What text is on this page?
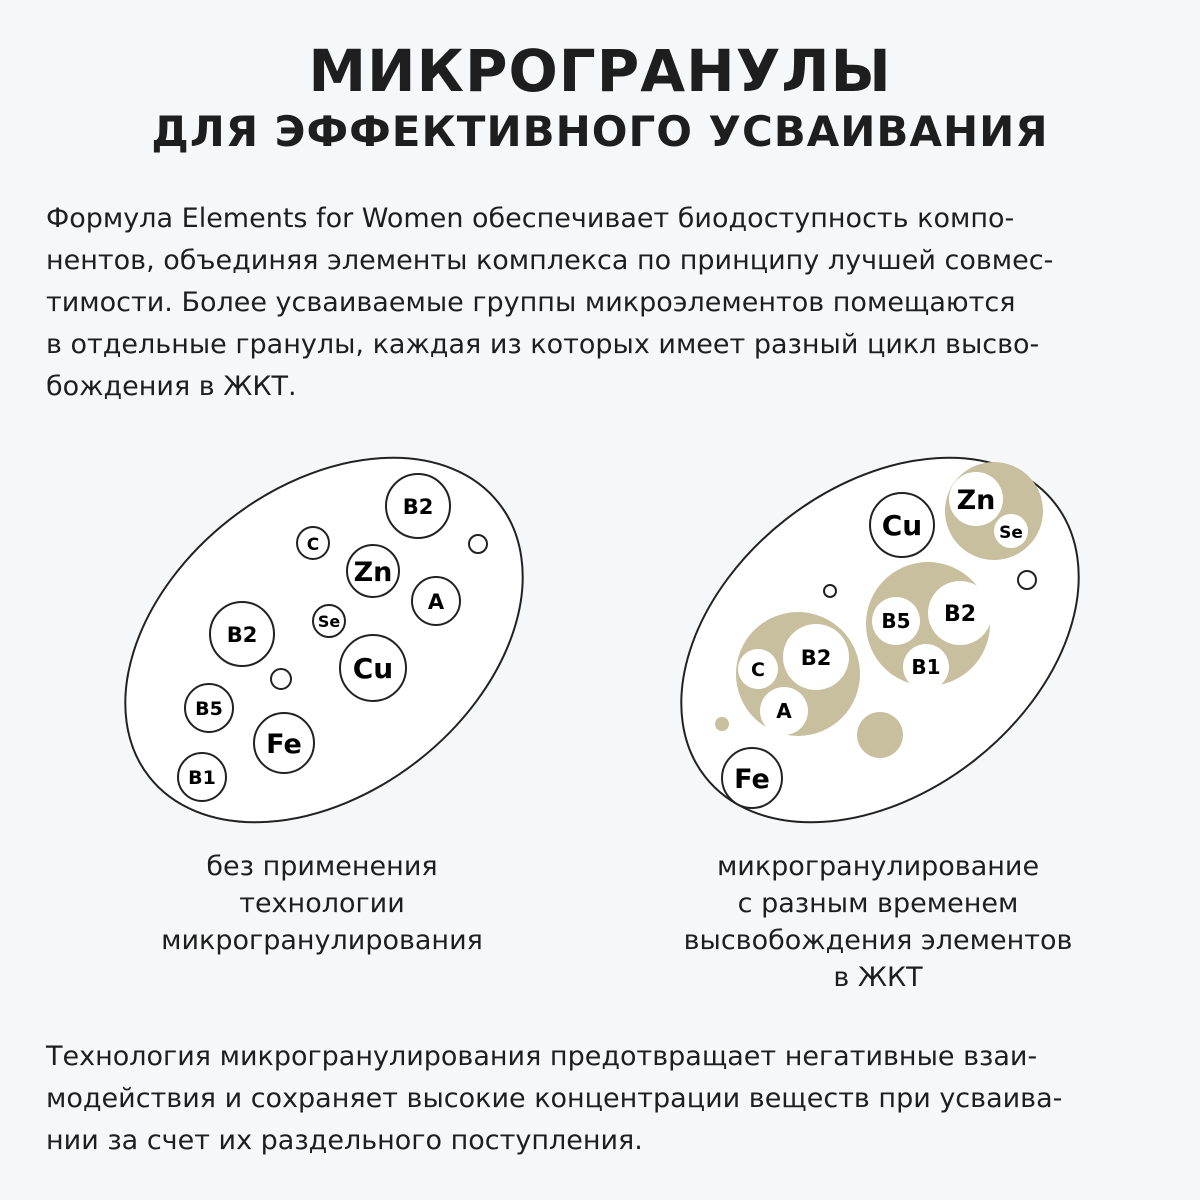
МИКРОГРАНУЛЫ
ДЛЯ ЭФФЕКТИВНОГО УСВАИВАНИЯ

Формула Elements for Women обеспечивает биодоступность компо-
нентов, объединяя элементы комплекса по принципу лучшей совмес-
тимости. Более усваиваемые группы микроэлементов помещаются
в отдельные гранулы, каждая из которых имеет разный цикл высво-
бождения в ЖКТ.

B2
C
Zn
A
Se
B2
Cu
B5
Fe
B1
Zn
Se
Cu
B5 B2
B1
C B2
A
Fe
без применения
технологии
микрогранулирования
микрогранулирование
с разным временем
высвобождения элементов
в ЖКТ

Технология микрогранулирования предотвращает негативные взаи-
модействия и сохраняет высокие концентрации веществ при усваива-
нии за счет их раздельного поступления.
